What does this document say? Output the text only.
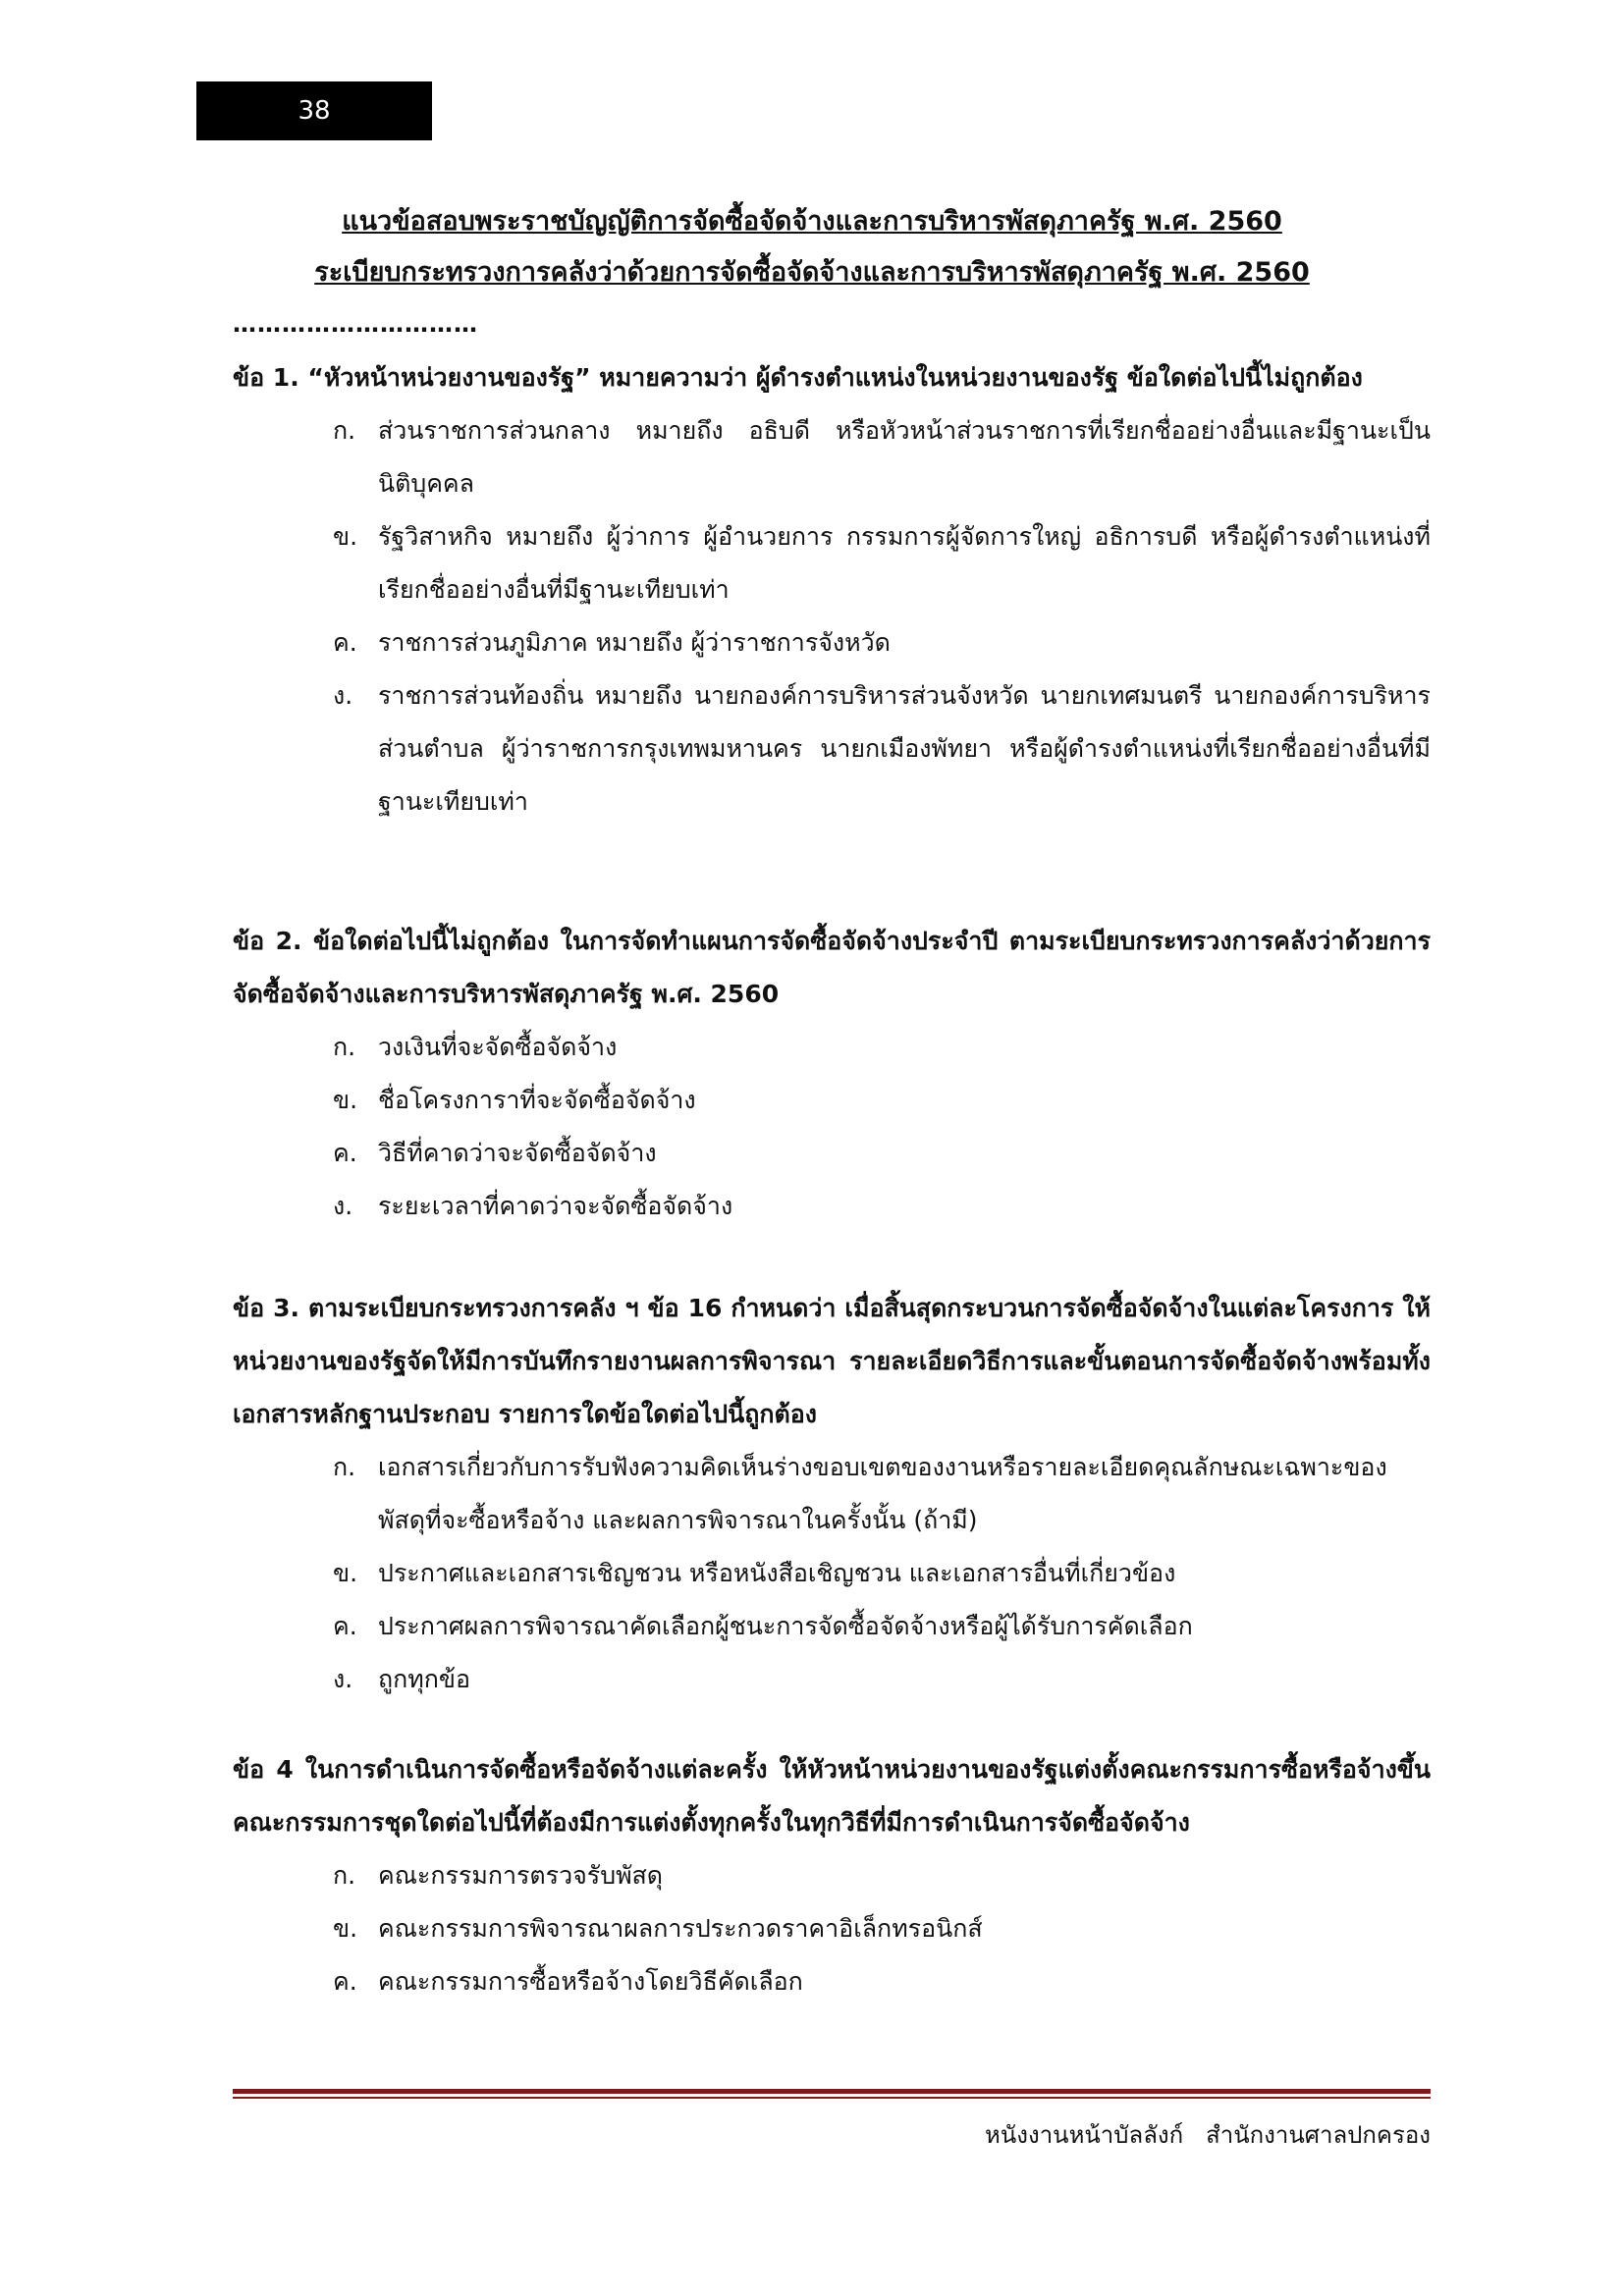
38
แนวข้อสอบพระราชบัญญัติการจัดซื้อจัดจ้างและการบริหารพัสดุภาครัฐ พ.ศ. 2560
ระเบียบกระทรวงการคลังว่าด้วยการจัดซื้อจัดจ้างและการบริหารพัสดุภาครัฐ พ.ศ. 2560
…………………………

ข้อ 1. “หัวหน้าหน่วยงานของรัฐ” หมายความว่า ผู้ดำรงตำแหน่งในหน่วยงานของรัฐ ข้อใดต่อไปนี้ไม่ถูกต้อง

ก. ส่วนราชการส่วนกลาง หมายถึง อธิบดี หรือหัวหน้าส่วนราชการที่เรียกชื่ออย่างอื่นและมีฐานะเป็นนิติบุคคล
ข. รัฐวิสาหกิจ หมายถึง ผู้ว่าการ ผู้อำนวยการ กรรมการผู้จัดการใหญ่ อธิการบดี หรือผู้ดำรงตำแหน่งที่เรียกชื่ออย่างอื่นที่มีฐานะเทียบเท่า
ค. ราชการส่วนภูมิภาค หมายถึง ผู้ว่าราชการจังหวัด
ง. ราชการส่วนท้องถิ่น หมายถึง นายกองค์การบริหารส่วนจังหวัด นายกเทศมนตรี นายกองค์การบริหารส่วนตำบล ผู้ว่าราชการกรุงเทพมหานคร นายกเมืองพัทยา หรือผู้ดำรงตำแหน่งที่เรียกชื่ออย่างอื่นที่มีฐานะเทียบเท่า

ข้อ 2. ข้อใดต่อไปนี้ไม่ถูกต้อง ในการจัดทำแผนการจัดซื้อจัดจ้างประจำปี ตามระเบียบกระทรวงการคลังว่าด้วยการจัดซื้อจัดจ้างและการบริหารพัสดุภาครัฐ พ.ศ. 2560

ก. วงเงินที่จะจัดซื้อจัดจ้าง
ข. ชื่อโครงการาที่จะจัดซื้อจัดจ้าง
ค. วิธีที่คาดว่าจะจัดซื้อจัดจ้าง
ง. ระยะเวลาที่คาดว่าจะจัดซื้อจัดจ้าง

ข้อ 3. ตามระเบียบกระทรวงการคลัง ฯ ข้อ 16 กำหนดว่า เมื่อสิ้นสุดกระบวนการจัดซื้อจัดจ้างในแต่ละโครงการ ให้หน่วยงานของรัฐจัดให้มีการบันทึกรายงานผลการพิจารณา รายละเอียดวิธีการและขั้นตอนการจัดซื้อจัดจ้างพร้อมทั้งเอกสารหลักฐานประกอบ รายการใดข้อใดต่อไปนี้ถูกต้อง

ก. เอกสารเกี่ยวกับการรับฟังความคิดเห็นร่างขอบเขตของงานหรือรายละเอียดคุณลักษณะเฉพาะของพัสดุที่จะซื้อหรือจ้าง และผลการพิจารณาในครั้งนั้น (ถ้ามี)
ข. ประกาศและเอกสารเชิญชวน หรือหนังสือเชิญชวน และเอกสารอื่นที่เกี่ยวข้อง
ค. ประกาศผลการพิจารณาคัดเลือกผู้ชนะการจัดซื้อจัดจ้างหรือผู้ได้รับการคัดเลือก
ง. ถูกทุกข้อ

ข้อ 4 ในการดำเนินการจัดซื้อหรือจัดจ้างแต่ละครั้ง ให้หัวหน้าหน่วยงานของรัฐแต่งตั้งคณะกรรมการซื้อหรือจ้างขึ้น คณะกรรมการชุดใดต่อไปนี้ที่ต้องมีการแต่งตั้งทุกครั้งในทุกวิธีที่มีการดำเนินการจัดซื้อจัดจ้าง

ก. คณะกรรมการตรวจรับพัสดุ
ข. คณะกรรมการพิจารณาผลการประกวดราคาอิเล็กทรอนิกส์
ค. คณะกรรมการซื้อหรือจ้างโดยวิธีคัดเลือก
หนังงานหน้าบัลลังก์   สำนักงานศาลปกครอง
